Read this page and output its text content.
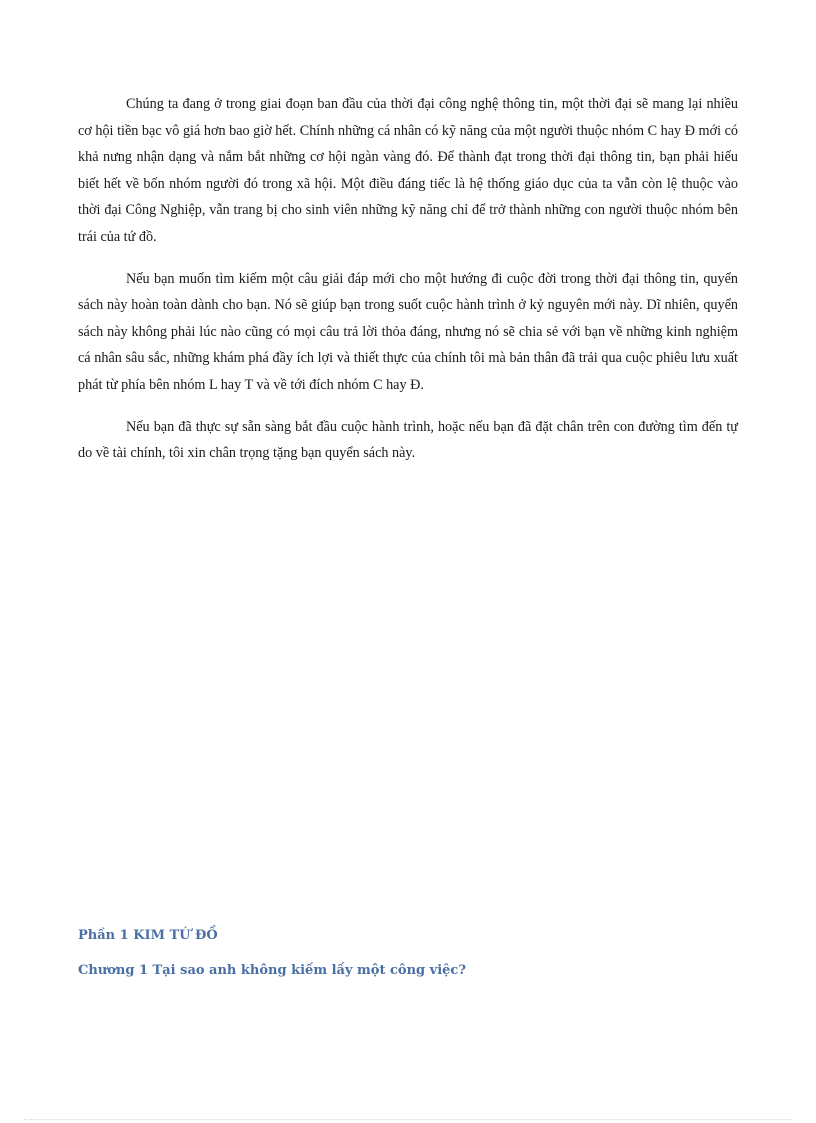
Chúng ta đang ở trong giai đoạn ban đầu của thời đại công nghệ thông tin, một thời đại sẽ mang lại nhiều cơ hội tiền bạc vô giá hơn bao giờ hết. Chính những cá nhân có kỹ năng của một người thuộc nhóm C hay Đ mới có khả nưng nhận dạng và nắm bắt những cơ hội ngàn vàng đó. Để thành đạt trong thời đại thông tin, bạn phải hiểu biết hết về bốn nhóm người đó trong xã hội. Một điều đáng tiếc là hệ thống giáo dục của ta vẫn còn lệ thuộc vào thời đại Công Nghiệp, vẫn trang bị cho sinh viên những kỹ năng chỉ để trở thành những con người thuộc nhóm bên trái của tứ đồ.

Nếu bạn muốn tìm kiếm một câu giải đáp mới cho một hướng đi cuộc đời trong thời đại thông tin, quyển sách này hoàn toàn dành cho bạn. Nó sẽ giúp bạn trong suốt cuộc hành trình ở kỷ nguyên mới này. Dĩ nhiên, quyển sách này không phải lúc nào cũng có mọi câu trả lời thỏa đáng, nhưng nó sẽ chia sẻ với bạn về những kinh nghiệm cá nhân sâu sắc, những khám phá đầy ích lợi và thiết thực của chính tôi mà bản thân đã trải qua cuộc phiêu lưu xuất phát từ phía bên nhóm L hay T và về tới đích nhóm C hay Đ.

Nếu bạn đã thực sự sẵn sàng bắt đầu cuộc hành trình, hoặc nếu bạn đã đặt chân trên con đường tìm đến tự do về tài chính, tôi xin chân trọng tặng bạn quyển sách này.

Phần 1 KIM TỨ ĐỒ
Chương 1 Tại sao anh không kiếm lấy một công việc?
